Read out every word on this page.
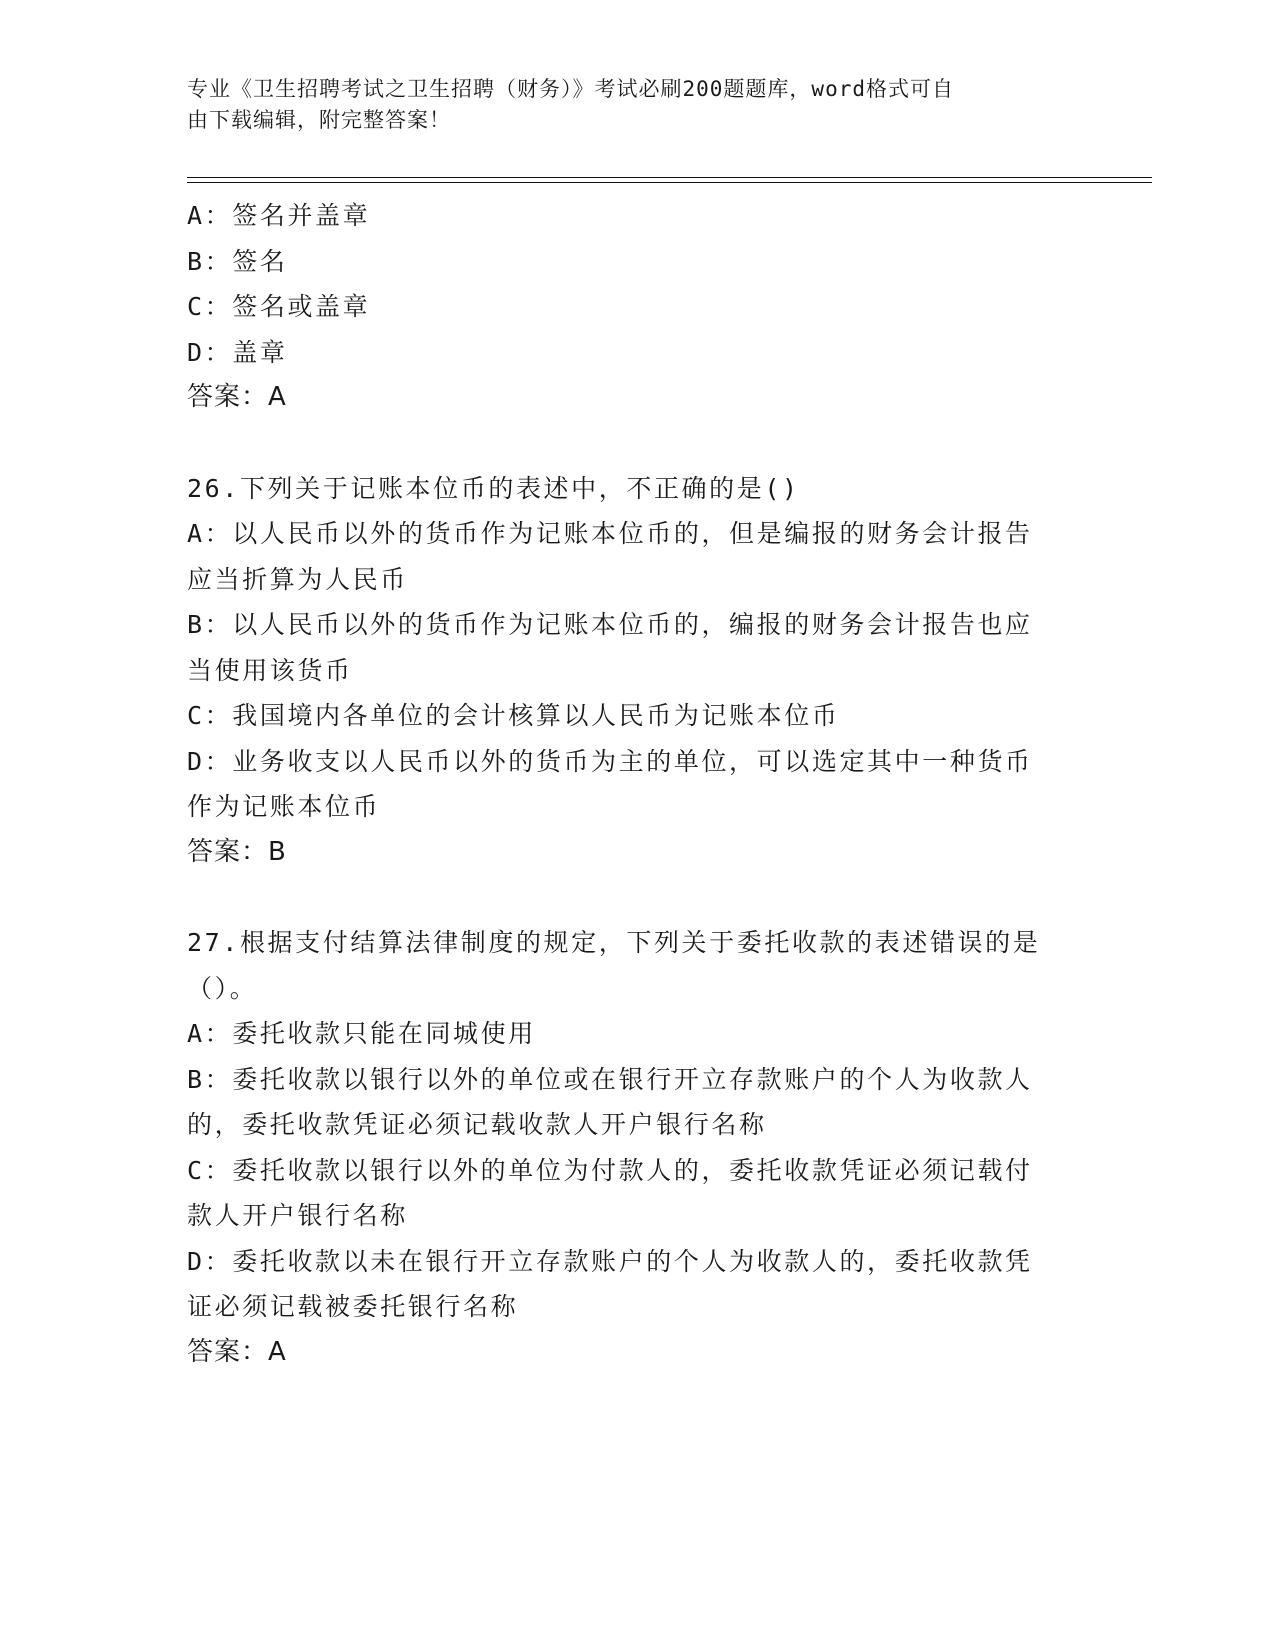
专业《卫生招聘考试之卫生招聘（财务）》考试必刷200题题库，word格式可自
由下载编辑，附完整答案！
A：签名并盖章
B：签名
C：签名或盖章
D：盖章
答案：A
26.下列关于记账本位币的表述中，不正确的是()
A：以人民币以外的货币作为记账本位币的，但是编报的财务会计报告
应当折算为人民币
B：以人民币以外的货币作为记账本位币的，编报的财务会计报告也应
当使用该货币
C：我国境内各单位的会计核算以人民币为记账本位币
D：业务收支以人民币以外的货币为主的单位，可以选定其中一种货币
作为记账本位币
答案：B
27.根据支付结算法律制度的规定，下列关于委托收款的表述错误的是
（）。
A：委托收款只能在同城使用
B：委托收款以银行以外的单位或在银行开立存款账户的个人为收款人
的，委托收款凭证必须记载收款人开户银行名称
C：委托收款以银行以外的单位为付款人的，委托收款凭证必须记载付
款人开户银行名称
D：委托收款以未在银行开立存款账户的个人为收款人的，委托收款凭
证必须记载被委托银行名称
答案：A
